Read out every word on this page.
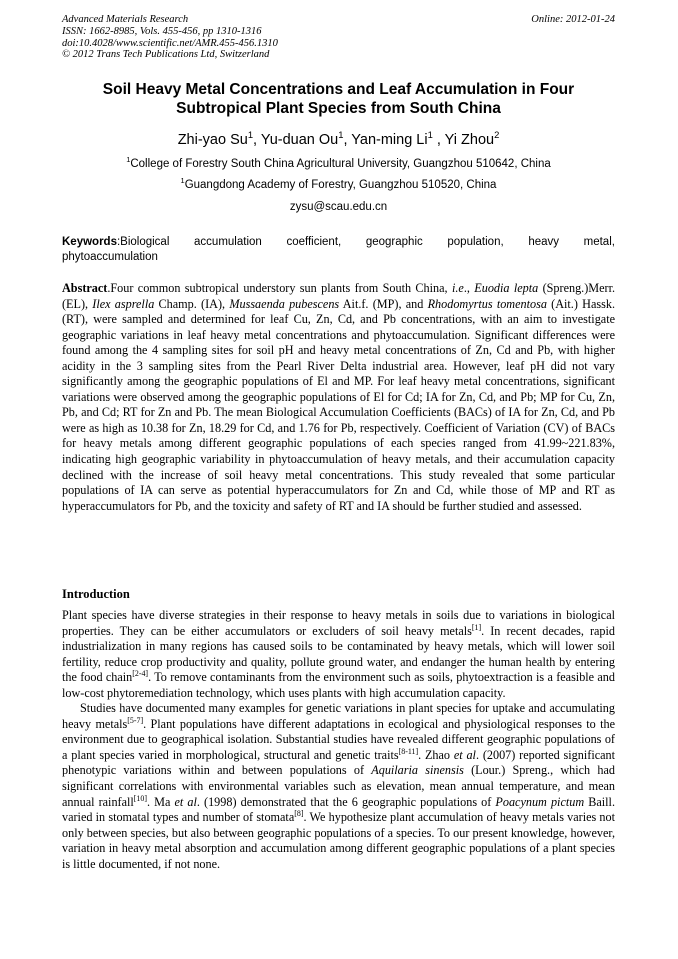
Advanced Materials Research
ISSN: 1662-8985, Vols. 455-456, pp 1310-1316
doi:10.4028/www.scientific.net/AMR.455-456.1310
© 2012 Trans Tech Publications Ltd, Switzerland
Online: 2012-01-24
Soil Heavy Metal Concentrations and Leaf Accumulation in Four
Subtropical Plant Species from South China
Zhi-yao Su$^1$, Yu-duan Ou$^1$, Yan-ming Li$^1$ , Yi Zhou$^2$
$^1$College of Forestry South China Agricultural University, Guangzhou 510642, China
$^1$Guangdong Academy of Forestry, Guangzhou 510520, China
zysu@scau.edu.cn
Keywords:Biological accumulation coefficient, geographic population, heavy metal,
phytoaccumulation
Abstract.Four common subtropical understory sun plants from South China, i.e., Euodia lepta (Spreng.)Merr. (EL), Ilex asprella Champ. (IA), Mussaenda pubescens Ait.f. (MP), and Rhodomyrtus tomentosa (Ait.) Hassk. (RT), were sampled and determined for leaf Cu, Zn, Cd, and Pb concentrations, with an aim to investigate geographic variations in leaf heavy metal concentrations and phytoaccumulation. Significant differences were found among the 4 sampling sites for soil pH and heavy metal concentrations of Zn, Cd and Pb, with higher acidity in the 3 sampling sites from the Pearl River Delta industrial area. However, leaf pH did not vary significantly among the geographic populations of El and MP. For leaf heavy metal concentrations, significant variations were observed among the geographic populations of El for Cd; IA for Zn, Cd, and Pb; MP for Cu, Zn, Pb, and Cd; RT for Zn and Pb. The mean Biological Accumulation Coefficients (BACs) of IA for Zn, Cd, and Pb were as high as 10.38 for Zn, 18.29 for Cd, and 1.76 for Pb, respectively. Coefficient of Variation (CV) of BACs for heavy metals among different geographic populations of each species ranged from 41.99~221.83%, indicating high geographic variability in phytoaccumulation of heavy metals, and their accumulation capacity declined with the increase of soil heavy metal concentrations. This study revealed that some particular populations of IA can serve as potential hyperaccumulators for Zn and Cd, while those of MP and RT as hyperaccumulators for Pb, and the toxicity and safety of RT and IA should be further studied and assessed.
Introduction

Plant species have diverse strategies in their response to heavy metals in soils due to variations in biological properties. They can be either accumulators or excluders of soil heavy metals[1]. In recent decades, rapid industrialization in many regions has caused soils to be contaminated by heavy metals, which will lower soil fertility, reduce crop productivity and quality, pollute ground water, and endanger the human health by entering the food chain[2-4]. To remove contaminants from the environment such as soils, phytoextraction is a feasible and low-cost phytoremediation technology, which uses plants with high accumulation capacity.

Studies have documented many examples for genetic variations in plant species for uptake and accumulating heavy metals[5-7]. Plant populations have different adaptations in ecological and physiological responses to the environment due to geographical isolation. Substantial studies have revealed different geographic populations of a plant species varied in morphological, structural and genetic traits[8-11]. Zhao et al. (2007) reported significant phenotypic variations within and between populations of Aquilaria sinensis (Lour.) Spreng., which had significant correlations with environmental variables such as elevation, mean annual temperature, and mean annual rainfall[10]. Ma et al. (1998) demonstrated that the 6 geographic populations of Poacynum pictum Baill. varied in stomatal types and number of stomata[8]. We hypothesize plant accumulation of heavy metals varies not only between species, but also between geographic populations of a species. To our present knowledge, however, variation in heavy metal absorption and accumulation among different geographic populations of a plant species is little documented, if not none.
